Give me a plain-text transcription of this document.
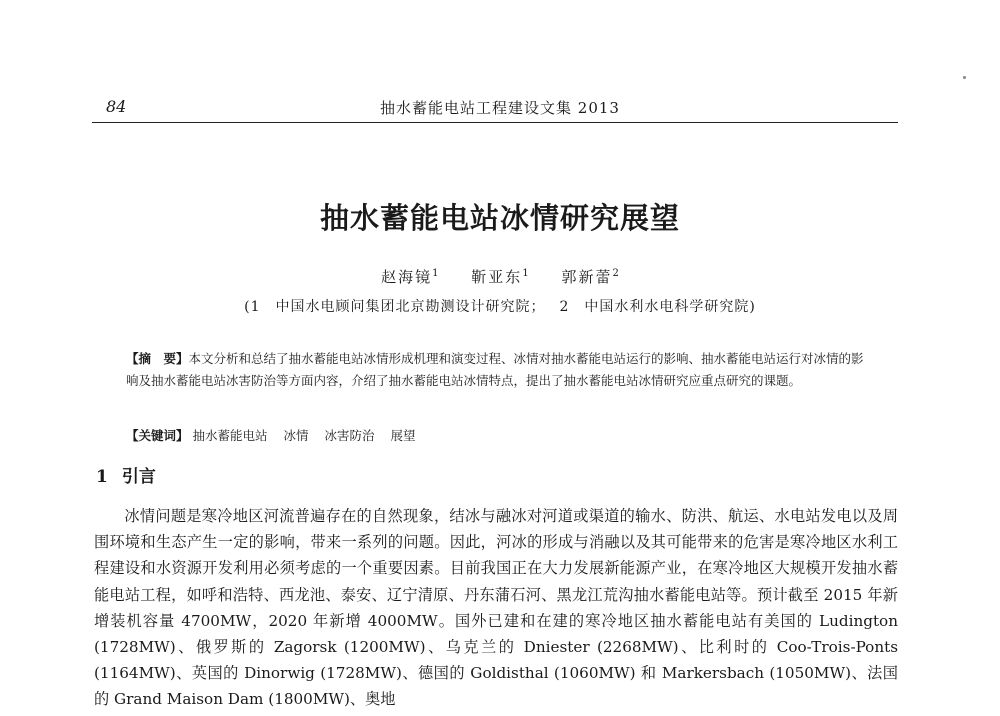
84	抽水蓄能电站工程建设文集 2013
抽水蓄能电站冰情研究展望
赵海镜$^1$ 靳亚东$^1$ 郭新蕾$^2$
(1　中国水电顾问集团北京勘测设计研究院； 2　中国水利水电科学研究院)

【摘　要】本文分析和总结了抽水蓄能电站冰情形成机理和演变过程、冰情对抽水蓄能电站运行的影响、抽水蓄能电站运行对冰情的影响及抽水蓄能电站冰害防治等方面内容，介绍了抽水蓄能电站冰情特点，提出了抽水蓄能电站冰情研究应重点研究的课题。

【关键词】 抽水蓄能电站 冰情 冰害防治 展望
1 引言

冰情问题是寒冷地区河流普遍存在的自然现象，结冰与融冰对河道或渠道的输水、防洪、航运、水电站发电以及周围环境和生态产生一定的影响，带来一系列的问题。因此，河冰的形成与消融以及其可能带来的危害是寒冷地区水利工程建设和水资源开发利用必须考虑的一个重要因素。目前我国正在大力发展新能源产业，在寒冷地区大规模开发抽水蓄能电站工程，如呼和浩特、西龙池、泰安、辽宁清原、丹东蒲石河、黑龙江荒沟抽水蓄能电站等。预计截至 2015 年新增装机容量 4700MW，2020 年新增 4000MW。国外已建和在建的寒冷地区抽水蓄能电站有美国的 Ludington (1728MW)、俄罗斯的 Zagorsk (1200MW)、乌克兰的 Dniester (2268MW)、比利时的 Coo-Trois-Ponts (1164MW)、英国的 Dinorwig (1728MW)、德国的 Goldisthal (1060MW) 和 Markersbach (1050MW)、法国的 Grand Maison Dam (1800MW)、奥地
